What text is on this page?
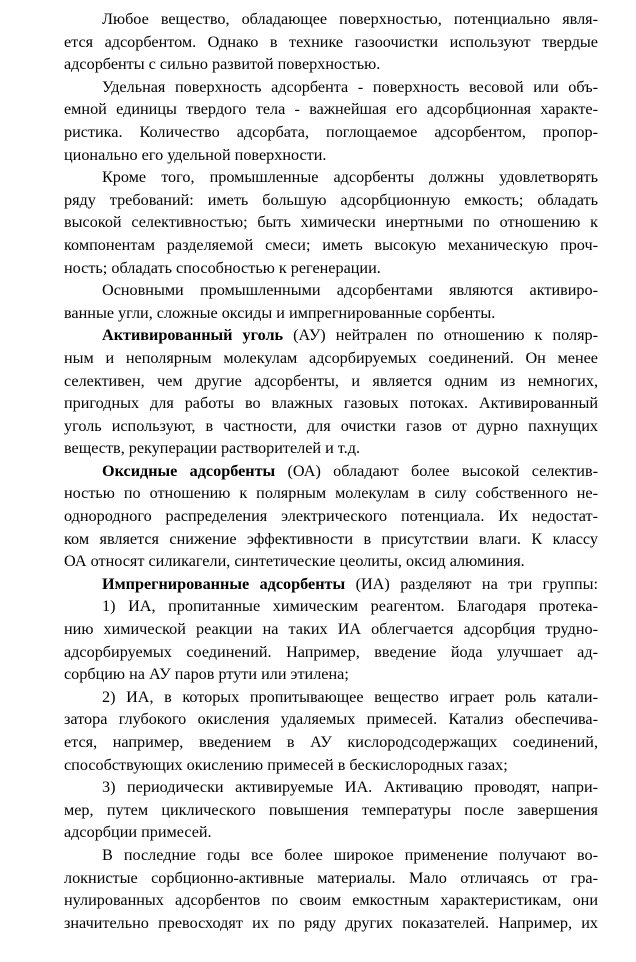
Любое вещество, обладающее поверхностью, потенциально явля-
ется адсорбентом. Однако в технике газоочистки используют твердые
адсорбенты с сильно развитой поверхностью.
Удельная поверхность адсорбента - поверхность весовой или объ-
емной единицы твердого тела - важнейшая его адсорбционная характе-
ристика. Количество адсорбата, поглощаемое адсорбентом, пропор-
ционально его удельной поверхности.
Кроме того, промышленные адсорбенты должны удовлетворять
ряду требований: иметь большую адсорбционную емкость; обладать
высокой селективностью; быть химически инертными по отношению к
компонентам разделяемой смеси; иметь высокую механическую проч-
ность; обладать способностью к регенерации.
Основными промышленными адсорбентами являются активиро-
ванные угли, сложные оксиды и импрегнированные сорбенты.
Активированный уголь (АУ) нейтрален по отношению к поляр-
ным и неполярным молекулам адсорбируемых соединений. Он менее
селективен, чем другие адсорбенты, и является одним из немногих,
пригодных для работы во влажных газовых потоках. Активированный
уголь используют, в частности, для очистки газов от дурно пахнущих
веществ, рекуперации растворителей и т.д.
Оксидные адсорбенты (ОА) обладают более высокой селектив-
ностью по отношению к полярным молекулам в силу собственного не-
однородного распределения электрического потенциала. Их недостат-
ком является снижение эффективности в присутствии влаги. К классу
ОА относят силикагели, синтетические цеолиты, оксид алюминия.
Импрегнированные адсорбенты (ИА) разделяют на три группы:
1) ИА, пропитанные химическим реагентом. Благодаря протека-
нию химической реакции на таких ИА облегчается адсорбция трудно-
адсорбируемых соединений. Например, введение йода улучшает ад-
сорбцию на АУ паров ртути или этилена;
2) ИА, в которых пропитывающее вещество играет роль катали-
затора глубокого окисления удаляемых примесей. Катализ обеспечива-
ется, например, введением в АУ кислородсодержащих соединений,
способствующих окислению примесей в бескислородных газах;
3) периодически активируемые ИА. Активацию проводят, напри-
мер, путем циклического повышения температуры после завершения
адсорбции примесей.
В последние годы все более широкое применение получают во-
локнистые сорбционно-активные материалы. Мало отличаясь от гра-
нулированных адсорбентов по своим емкостным характеристикам, они
значительно превосходят их по ряду других показателей. Например, их
